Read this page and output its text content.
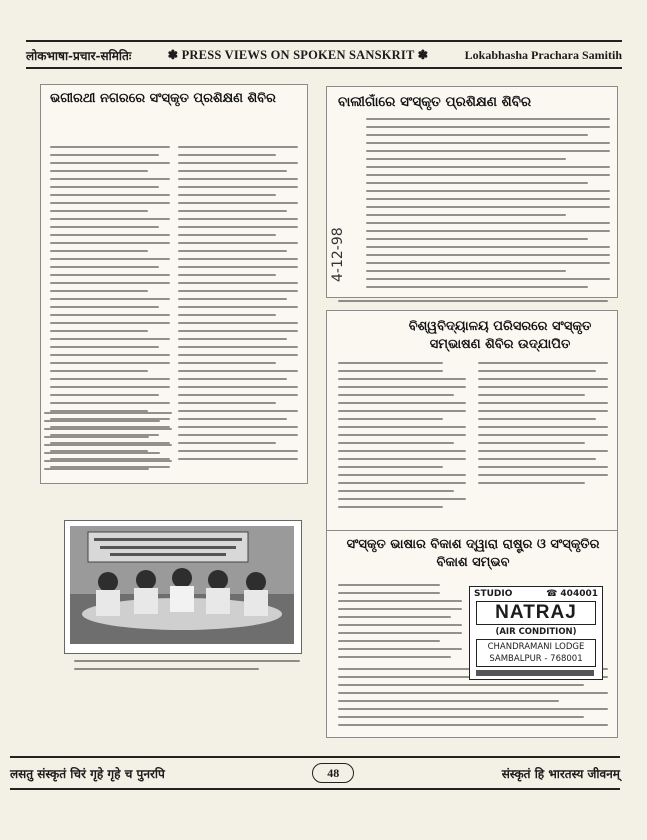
लोकभाषा-प्रचार-समितिः	✽ PRESS VIEWS ON SPOKEN SANSKRIT ✽	Lokabhasha Prachara Samitih
ଭଗୀରଥୀ ନଗରରେ ସଂସ୍କୃତ ପ୍ରଶିକ୍ଷଣ ଶିବିର	ବାଲୀଗାଁରେ ସଂସ୍କୃତ ପ୍ରଶିକ୍ଷଣ ଶିବିର
4-12-98
ବିଶ୍ୱବିଦ୍ୟାଳୟ ପରିସରରେ ସଂସ୍କୃତ ସମ୍ଭାଷଣ ଶିବିର ଉଦ୍ଯାପିତ
ସଂସ୍କୃତ ଭାଷାର ବିକାଶ ଦ୍ୱାରା ରାଷ୍ଟ୍ର ଓ ସଂସ୍କୃତିର ବିକାଶ ସମ୍ଭବ
STUDIO	☎ 404001
NATRAJ
(AIR CONDITION)
CHANDRAMANI LODGE
SAMBALPUR - 768001
लसतु संस्कृतं चिरं गृहे गृहे च पुनरपि	48	संस्कृतं हि भारतस्य जीवनम्
